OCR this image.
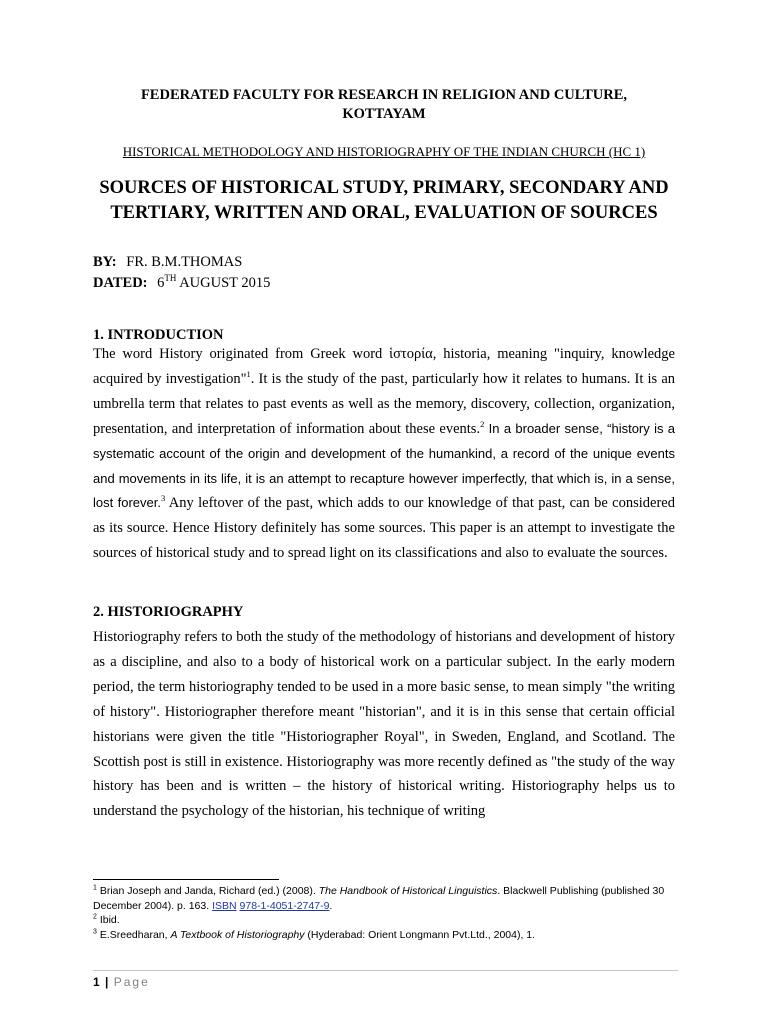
FEDERATED FACULTY FOR RESEARCH IN RELIGION AND CULTURE,
KOTTAYAM
HISTORICAL METHODOLOGY AND HISTORIOGRAPHY OF THE INDIAN CHURCH (HC 1)
SOURCES OF HISTORICAL STUDY, PRIMARY, SECONDARY AND
TERTIARY, WRITTEN AND ORAL, EVALUATION OF SOURCES
BY: FR. B.M.THOMAS
DATED: 6TH AUGUST 2015
1. INTRODUCTION

The word History originated from Greek word ἱστορία, historia, meaning "inquiry, knowledge acquired by investigation"$^1$. It is the study of the past, particularly how it relates to humans. It is an umbrella term that relates to past events as well as the memory, discovery, collection, organization, presentation, and interpretation of information about these events.$^2$ In a broader sense, “history is a systematic account of the origin and development of the humankind, a record of the unique events and movements in its life, it is an attempt to recapture however imperfectly, that which is, in a sense, lost forever.$^3$ Any leftover of the past, which adds to our knowledge of that past, can be considered as its source. Hence History definitely has some sources. This paper is an attempt to investigate the sources of historical study and to spread light on its classifications and also to evaluate the sources.

2. HISTORIOGRAPHY

Historiography refers to both the study of the methodology of historians and development of history as a discipline, and also to a body of historical work on a particular subject. In the early modern period, the term historiography tended to be used in a more basic sense, to mean simply "the writing of history". Historiographer therefore meant "historian", and it is in this sense that certain official historians were given the title "Historiographer Royal", in Sweden, England, and Scotland. The Scottish post is still in existence. Historiography was more recently defined as "the study of the way history has been and is written – the history of historical writing. Historiography helps us to understand the psychology of the historian, his technique of writing

$^1$ Brian Joseph and Janda, Richard (ed.) (2008). The Handbook of Historical Linguistics. Blackwell Publishing (published 30 December 2004). p. 163. ISBN 978-1-4051-2747-9.
$^2$ Ibid.
$^3$ E.Sreedharan, A Textbook of Historiography (Hyderabad: Orient Longmann Pvt.Ltd., 2004), 1.
1 | Page
